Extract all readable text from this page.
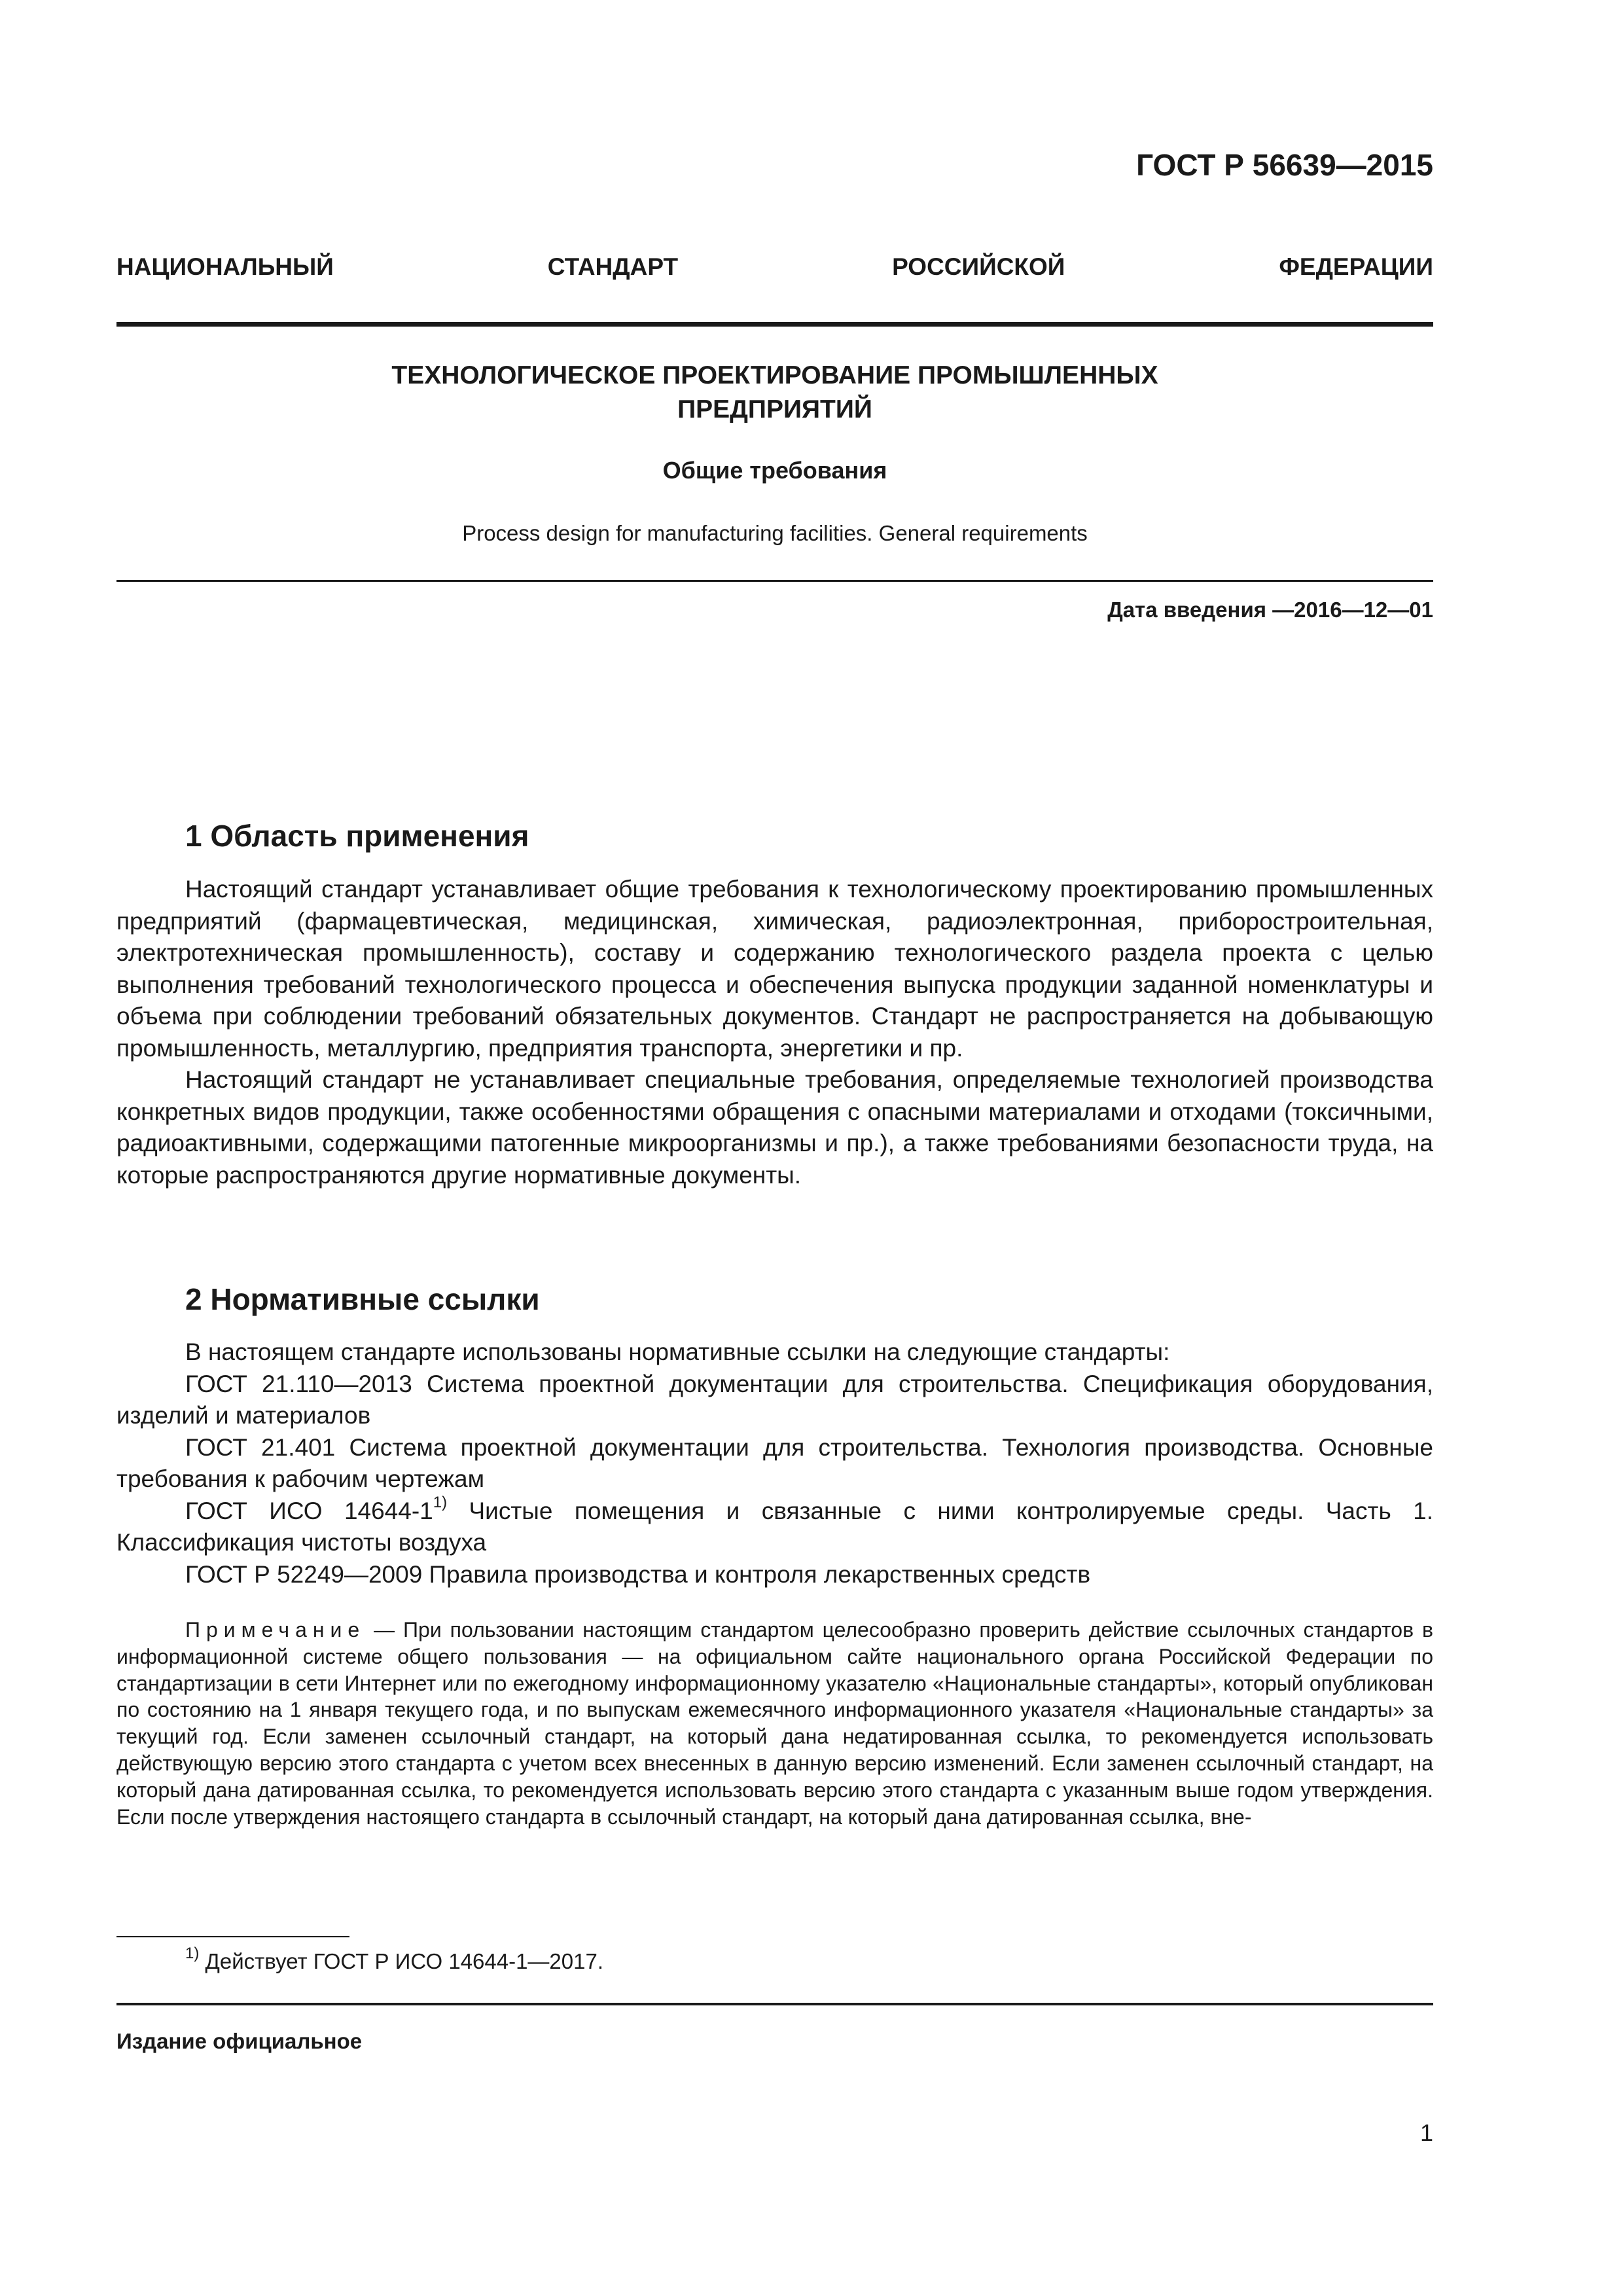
ГОСТ Р 56639—2015
НАЦИОНАЛЬНЫЙ	СТАНДАРТ	РОССИЙСКОЙ	ФЕДЕРАЦИИ
ТЕХНОЛОГИЧЕСКОЕ ПРОЕКТИРОВАНИЕ ПРОМЫШЛЕННЫХ
ПРЕДПРИЯТИЙ
Общие требования
Process design for manufacturing facilities. General requirements
Дата введения —2016—12—01
1 Область применения

Настоящий стандарт устанавливает общие требования к технологическому проектированию промышленных предприятий (фармацевтическая, медицинская, химическая, радиоэлектронная, приборостроительная, электротехническая промышленность), составу и содержанию технологического раздела проекта с целью выполнения требований технологического процесса и обеспечения выпуска продукции заданной номенклатуры и объема при соблюдении требований обязательных документов. Стандарт не распространяется на добывающую промышленность, металлургию, предприятия транспорта, энергетики и пр.

Настоящий стандарт не устанавливает специальные требования, определяемые технологией производства конкретных видов продукции, также особенностями обращения с опасными материалами и отходами (токсичными, радиоактивными, содержащими патогенные микроорганизмы и пр.), а также требованиями безопасности труда, на которые распространяются другие нормативные документы.

2 Нормативные ссылки

В настоящем стандарте использованы нормативные ссылки на следующие стандарты:

ГОСТ 21.110—2013 Система проектной документации для строительства. Спецификация оборудования, изделий и материалов

ГОСТ 21.401 Система проектной документации для строительства. Технология производства. Основные требования к рабочим чертежам

ГОСТ ИСО 14644-1$^{1)}$ Чистые помещения и связанные с ними контролируемые среды. Часть 1. Классификация чистоты воздуха

ГОСТ Р 52249—2009 Правила производства и контроля лекарственных средств

Примечание — При пользовании настоящим стандартом целесообразно проверить действие ссылочных стандартов в информационной системе общего пользования — на официальном сайте национального органа Российской Федерации по стандартизации в сети Интернет или по ежегодному информационному указателю «Национальные стандарты», который опубликован по состоянию на 1 января текущего года, и по выпускам ежемесячного информационного указателя «Национальные стандарты» за текущий год. Если заменен ссылочный стандарт, на который дана недатированная ссылка, то рекомендуется использовать действующую версию этого стандарта с учетом всех внесенных в данную версию изменений. Если заменен ссылочный стандарт, на который дана датированная ссылка, то рекомендуется использовать версию этого стандарта с указанным выше годом утверждения. Если после утверждения настоящего стандарта в ссылочный стандарт, на который дана датированная ссылка, вне-

$^{1)}$ Действует ГОСТ Р ИСО 14644-1—2017.
Издание официальное
1
